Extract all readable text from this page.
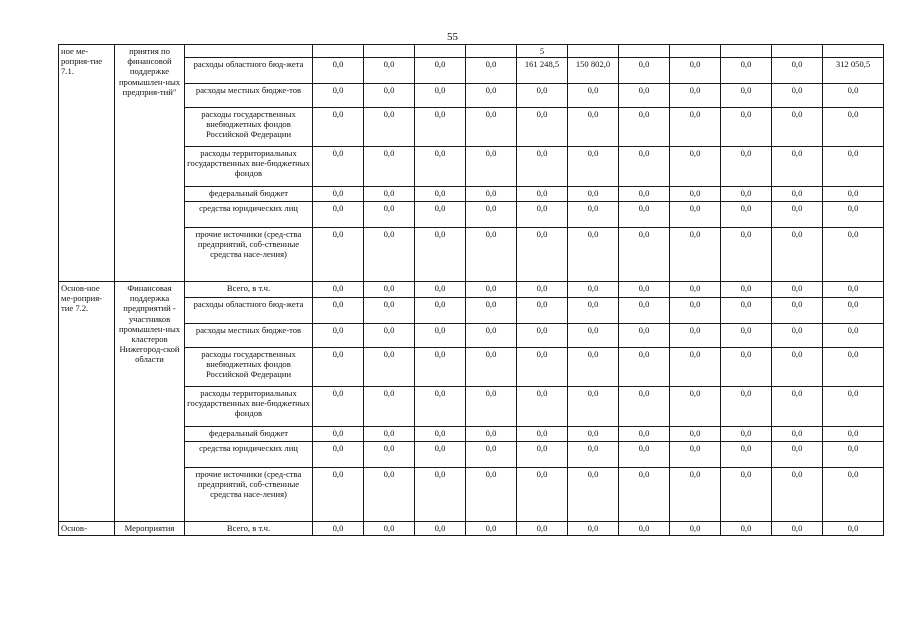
55
ное ме-роприя-тие 7.1.	приятия по финансовой поддержке промышлен-ных предприя-тий"						5						
		расходы областного бюд-жета	0,0	0,0	0,0	0,0	161 248,5	150 802,0	0,0	0,0	0,0	0,0	312 050,5
		расходы местных бюдже-тов	0,0	0,0	0,0	0,0	0,0	0,0	0,0	0,0	0,0	0,0	0,0
		расходы государственных внебюджетных фондов Российской Федерации	0,0	0,0	0,0	0,0	0,0	0,0	0,0	0,0	0,0	0,0	0,0
		расходы территориальных государственных вне-бюджетных фондов	0,0	0,0	0,0	0,0	0,0	0,0	0,0	0,0	0,0	0,0	0,0
		федеральный бюджет	0,0	0,0	0,0	0,0	0,0	0,0	0,0	0,0	0,0	0,0	0,0
		средства юридических лиц	0,0	0,0	0,0	0,0	0,0	0,0	0,0	0,0	0,0	0,0	0,0
		прочие источники (сред-ства предприятий, соб-ственные средства насе-ления)	0,0	0,0	0,0	0,0	0,0	0,0	0,0	0,0	0,0	0,0	0,0
Основ-ное ме-роприя-тие 7.2.	Финансовая поддержка предприятий - участников промышлен-ных кластеров Нижегород-ской области	Всего, в т.ч.	0,0	0,0	0,0	0,0	0,0	0,0	0,0	0,0	0,0	0,0	0,0
		расходы областного бюд-жета	0,0	0,0	0,0	0,0	0,0	0,0	0,0	0,0	0,0	0,0	0,0
		расходы местных бюдже-тов	0,0	0,0	0,0	0,0	0,0	0,0	0,0	0,0	0,0	0,0	0,0
		расходы государственных внебюджетных фондов Российской Федерации	0,0	0,0	0,0	0,0	0,0	0,0	0,0	0,0	0,0	0,0	0,0
		расходы территориальных государственных вне-бюджетных фондов	0,0	0,0	0,0	0,0	0,0	0,0	0,0	0,0	0,0	0,0	0,0
		федеральный бюджет	0,0	0,0	0,0	0,0	0,0	0,0	0,0	0,0	0,0	0,0	0,0
		средства юридических лиц	0,0	0,0	0,0	0,0	0,0	0,0	0,0	0,0	0,0	0,0	0,0
		прочие источники (сред-ства предприятий, соб-ственные средства насе-ления)	0,0	0,0	0,0	0,0	0,0	0,0	0,0	0,0	0,0	0,0	0,0
Основ-	Мероприятия	Всего, в т.ч.	0,0	0,0	0,0	0,0	0,0	0,0	0,0	0,0	0,0	0,0	0,0
